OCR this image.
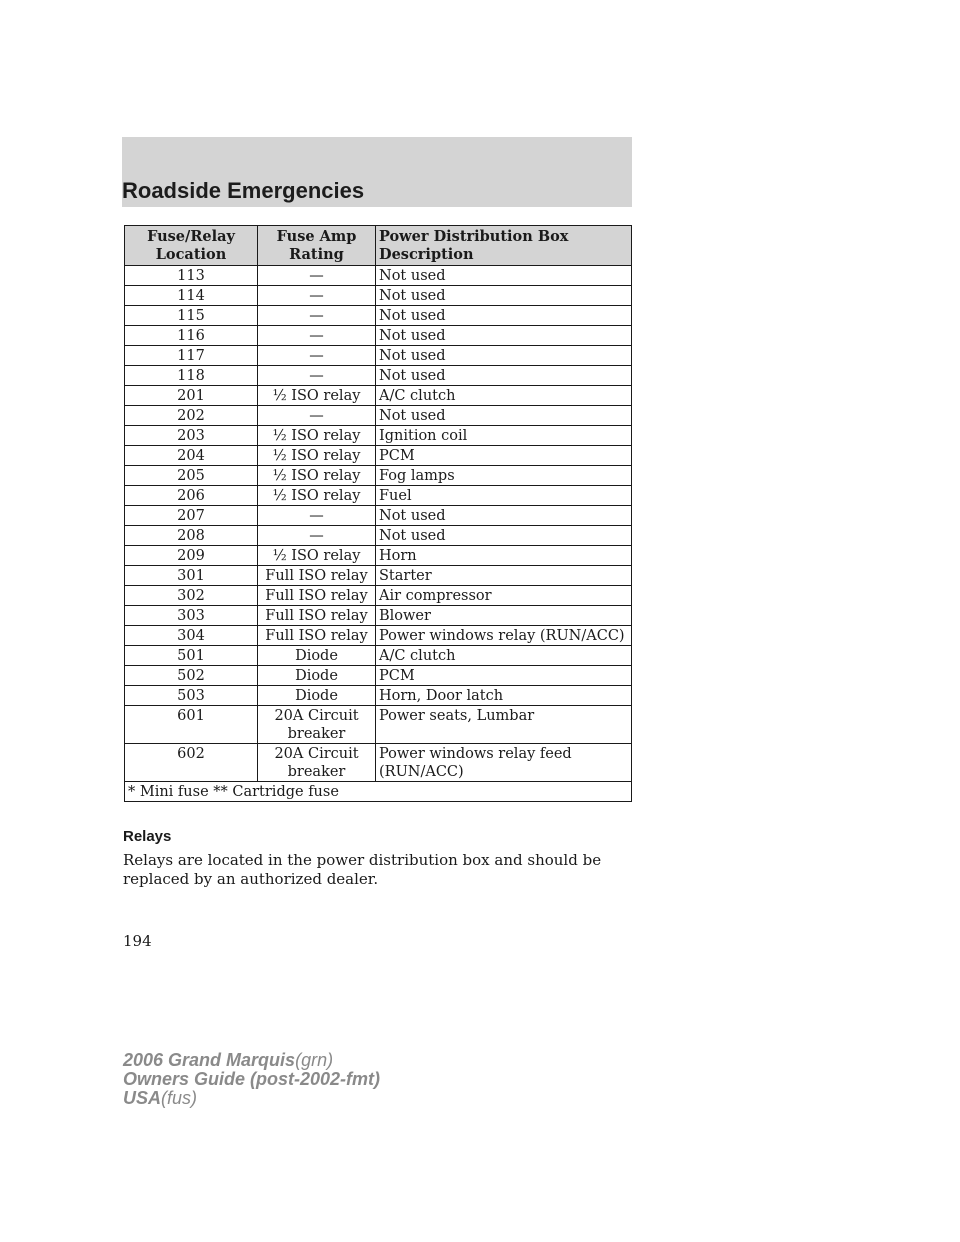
Roadside Emergencies
Fuse/Relay Location	Fuse Amp Rating	Power Distribution Box Description
113	—	Not used
114	—	Not used
115	—	Not used
116	—	Not used
117	—	Not used
118	—	Not used
201	½ ISO relay	A/C clutch
202	—	Not used
203	½ ISO relay	Ignition coil
204	½ ISO relay	PCM
205	½ ISO relay	Fog lamps
206	½ ISO relay	Fuel
207	—	Not used
208	—	Not used
209	½ ISO relay	Horn
301	Full ISO relay	Starter
302	Full ISO relay	Air compressor
303	Full ISO relay	Blower
304	Full ISO relay	Power windows relay (RUN/ACC)
501	Diode	A/C clutch
502	Diode	PCM
503	Diode	Horn, Door latch
601	20A Circuit breaker	Power seats, Lumbar
602	20A Circuit breaker	Power windows relay feed (RUN/ACC)
* Mini fuse ** Cartridge fuse		
Relays
Relays are located in the power distribution box and should be replaced by an authorized dealer.
194
2006 Grand Marquis(grn)
Owners Guide (post-2002-fmt)
USA(fus)
